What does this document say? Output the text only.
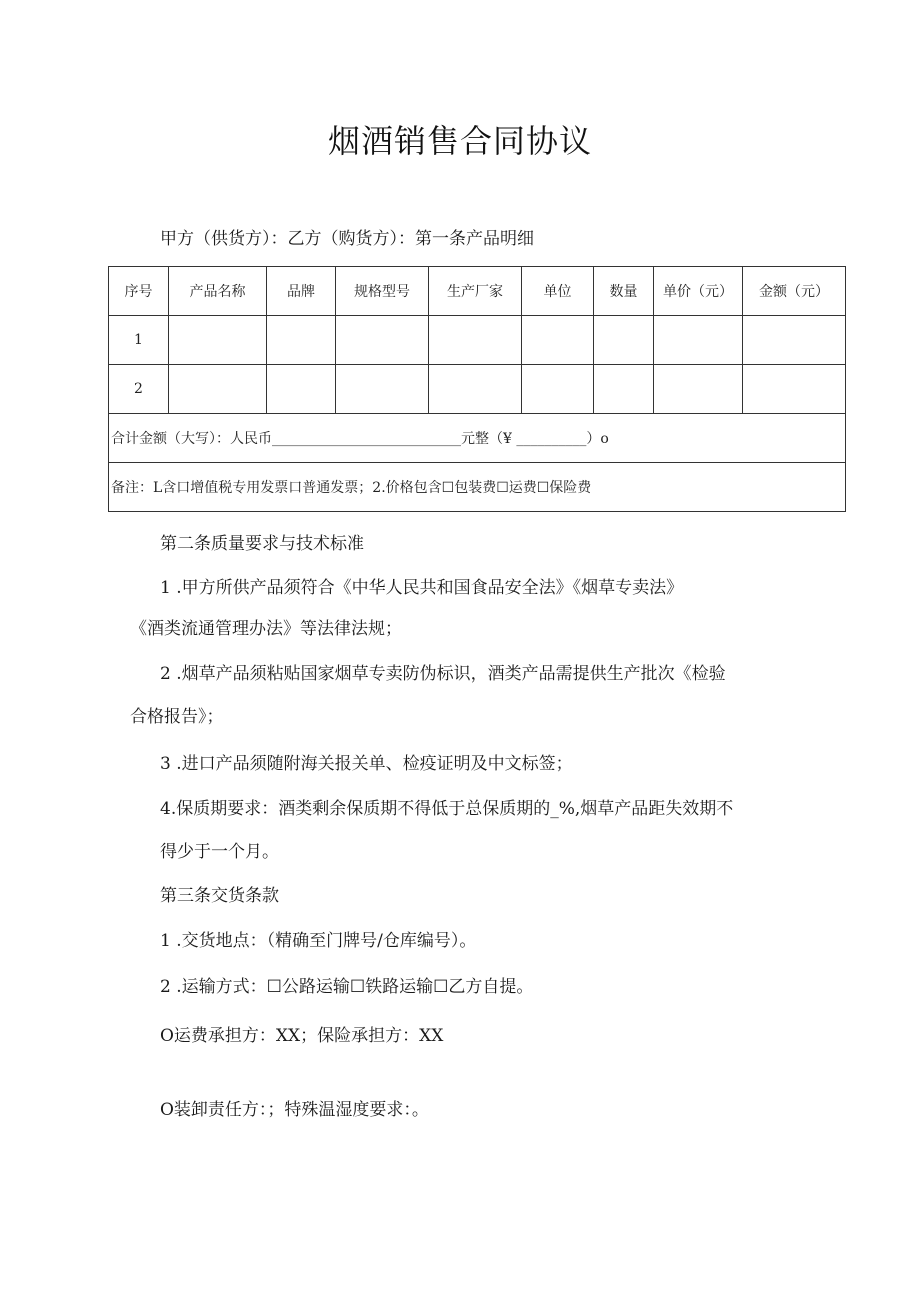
烟酒销售合同协议
甲方（供货方）：乙方（购货方）：第一条产品明细
序号	产品名称	品牌	规格型号	生产厂家	单位	数量	单价（元）	金额（元）
1								
2								
合计金额（大写）：人民币___________________________元整（¥ __________）o								
备注：L含口增值税专用发票口普通发票；2.价格包含☐包装费☐运费☐保险费								
第二条质量要求与技术标准
1 .甲方所供产品须符合《中华人民共和国食品安全法》《烟草专卖法》
《酒类流通管理办法》等法律法规；
2 .烟草产品须粘贴国家烟草专卖防伪标识，酒类产品需提供生产批次《检验
合格报告》；
3 .进口产品须随附海关报关单、检疫证明及中文标签；
4.保质期要求：酒类剩余保质期不得低于总保质期的_%,烟草产品距失效期不
得少于一个月。
第三条交货条款
1 .交货地点：（精确至门牌号/仓库编号）。
2 .运输方式：☐公路运输☐铁路运输☐乙方自提。
O运费承担方：XX；保险承担方：XX
O装卸责任方：；特殊温湿度要求：。
